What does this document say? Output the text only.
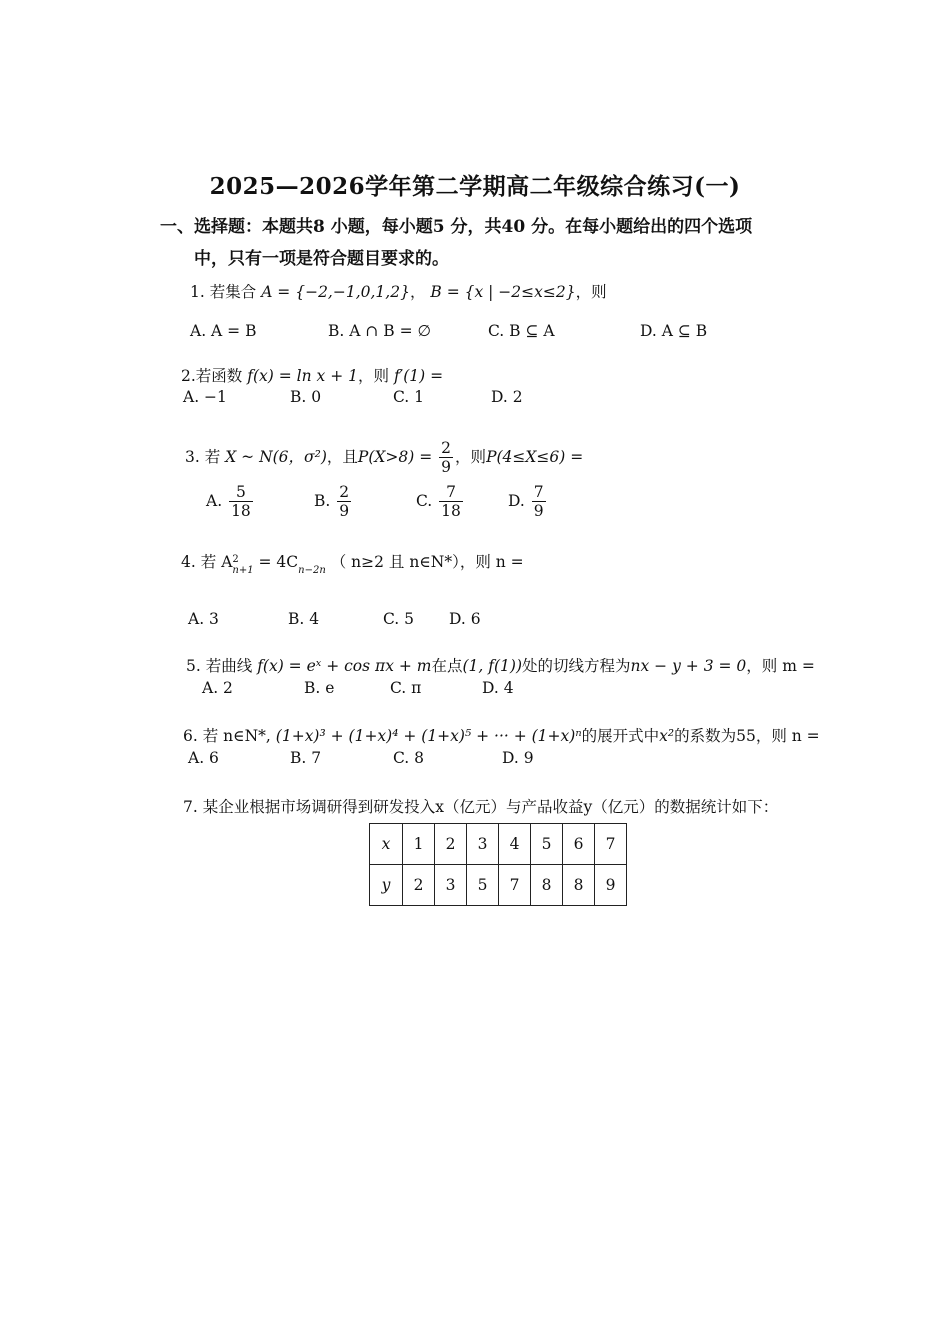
2025—2026学年第二学期高二年级综合练习(一)
一、选择题：本题共8 小题，每小题5 分，共40 分。在每小题给出的四个选项
中，只有一项是符合题目要求的。
1. 若集合 A = {−2,−1,0,1,2}， B = {x | −2≤x≤2}，则
A. A = B	B. A ∩ B = ∅	C. B ⊆ A	D. A ⊆ B
2.若函数 f(x) = ln x + 1，则 f′(1) =
A. −1	B. 0	C. 1	D. 2
3. 若 X ~ N(6，σ²)，且$P(X>8) = \frac{2}{9}$ ，则P(4≤X≤6) =
A. $\frac{5}{18}$	B. $\frac{2}{9}$	C. $\frac{7}{18}$	D. $\frac{7}{9}$
4. 若 A 2
n+1 = 4Cn−2n （ n≥2 且 n∈N*），则 n =
A. 3	B. 4	C. 5 D. 6
5. 若曲线 f(x) = eˣ + cos πx + m在点(1, f(1))处的切线方程为nx − y + 3 = 0，则 m =
A. 2	B. e	C. π	D. 4
6. 若 n∈N*, (1+x)³ + (1+x)⁴ + (1+x)⁵ + ··· + (1+x)ⁿ的展开式中x²的系数为55，则 n =
A. 6	B. 7	C. 8	D. 9
7. 某企业根据市场调研得到研发投入x（亿元）与产品收益y（亿元）的数据统计如下：
x	1	2	3	4	5	6	7
y	2	3	5	7	8	8	9
